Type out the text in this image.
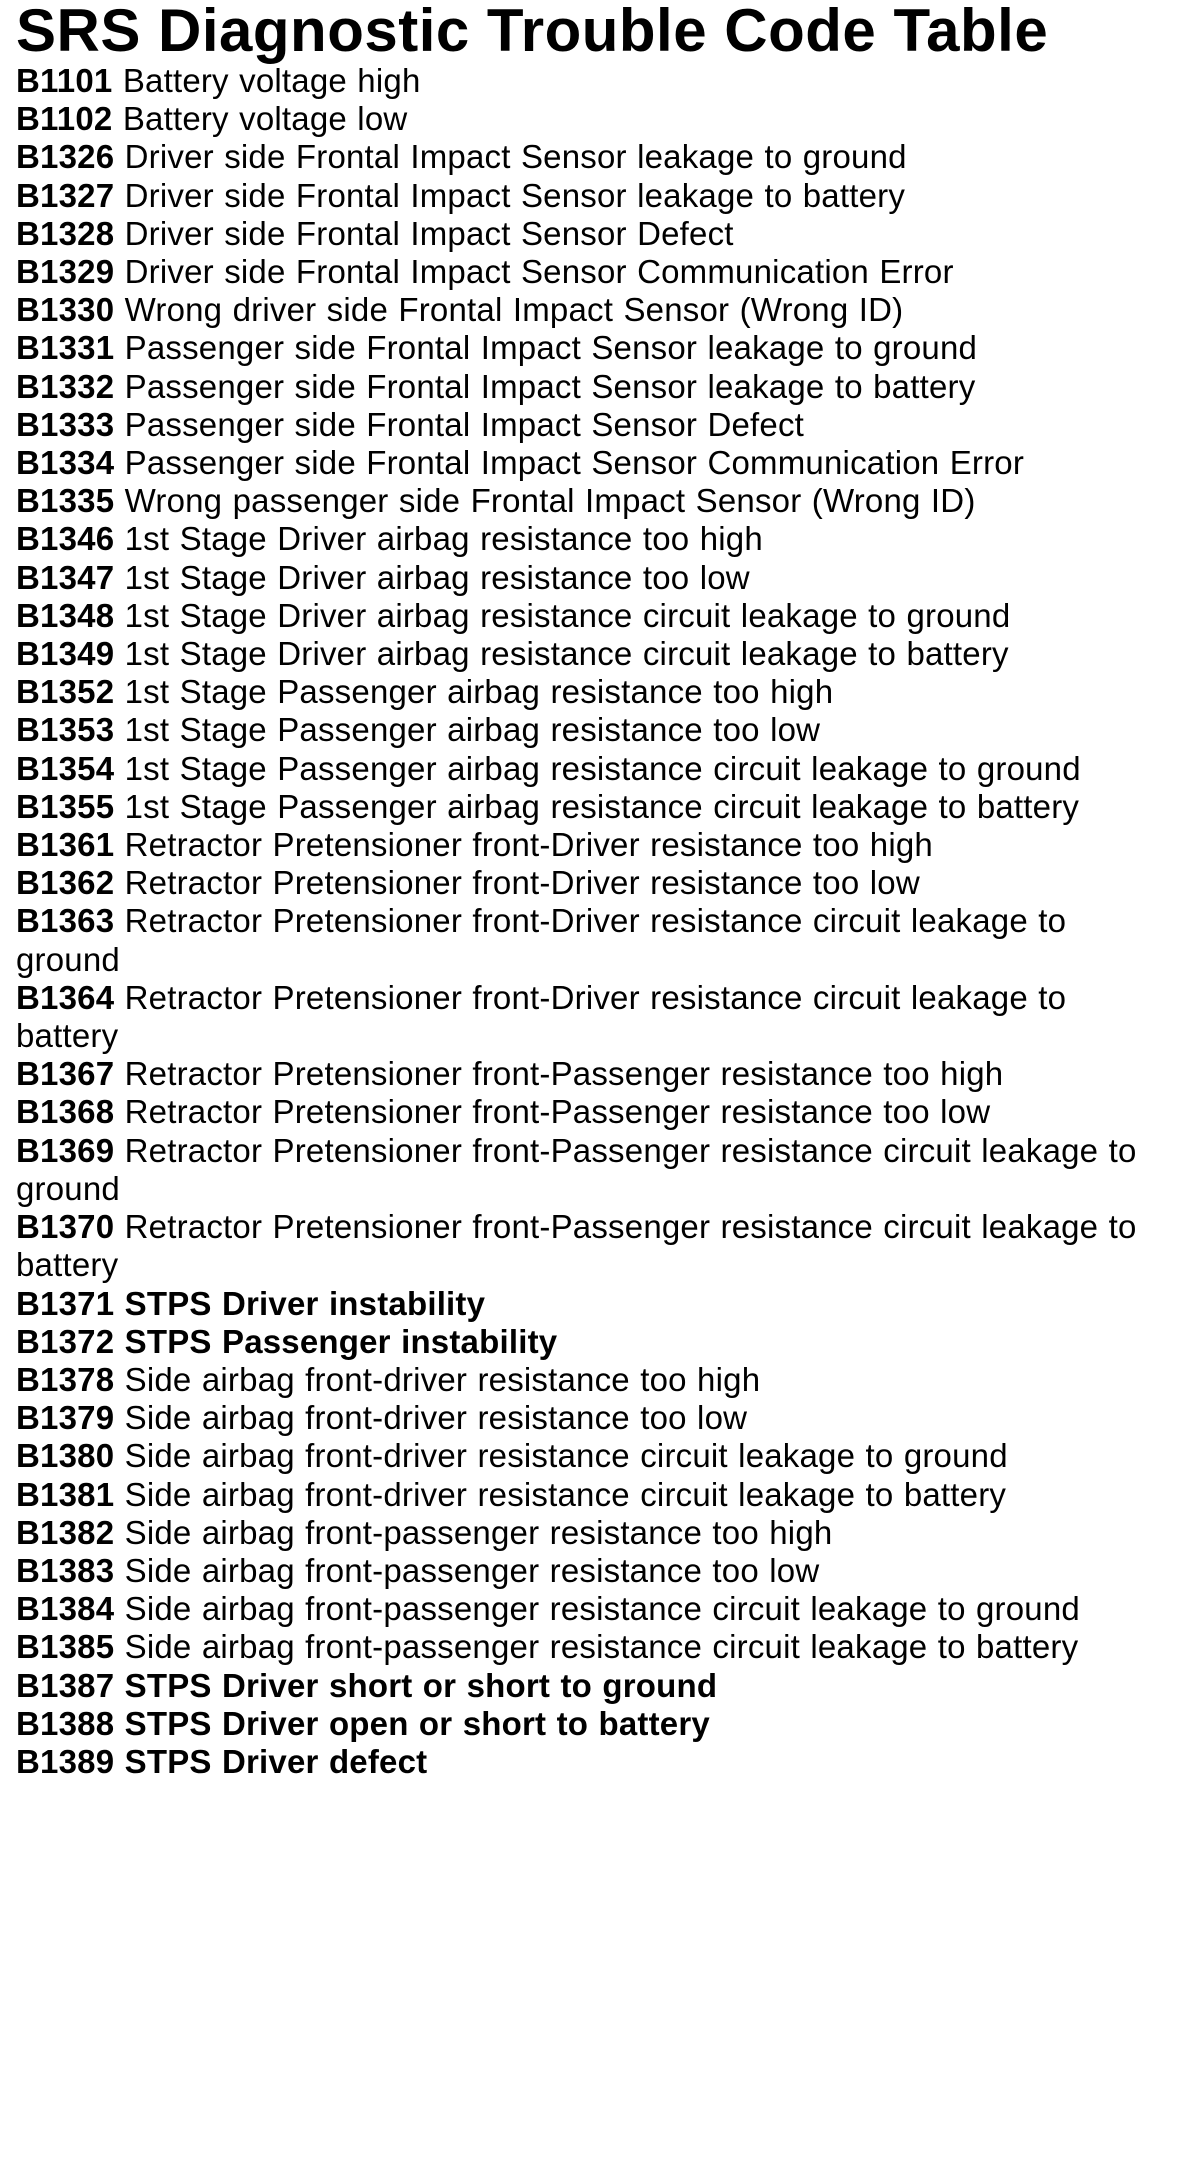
SRS Diagnostic Trouble Code Table
B1101 Battery voltage high
B1102 Battery voltage low
B1326 Driver side Frontal Impact Sensor leakage to ground
B1327 Driver side Frontal Impact Sensor leakage to battery
B1328 Driver side Frontal Impact Sensor Defect
B1329 Driver side Frontal Impact Sensor Communication Error
B1330 Wrong driver side Frontal Impact Sensor (Wrong ID)
B1331 Passenger side Frontal Impact Sensor leakage to ground
B1332 Passenger side Frontal Impact Sensor leakage to battery
B1333 Passenger side Frontal Impact Sensor Defect
B1334 Passenger side Frontal Impact Sensor Communication Error
B1335 Wrong passenger side Frontal Impact Sensor (Wrong ID)
B1346 1st Stage Driver airbag resistance too high
B1347 1st Stage Driver airbag resistance too low
B1348 1st Stage Driver airbag resistance circuit leakage to ground
B1349 1st Stage Driver airbag resistance circuit leakage to battery
B1352 1st Stage Passenger airbag resistance too high
B1353 1st Stage Passenger airbag resistance too low
B1354 1st Stage Passenger airbag resistance circuit leakage to ground
B1355 1st Stage Passenger airbag resistance circuit leakage to battery
B1361 Retractor Pretensioner front-Driver resistance too high
B1362 Retractor Pretensioner front-Driver resistance too low
B1363 Retractor Pretensioner front-Driver resistance circuit leakage to ground
B1364 Retractor Pretensioner front-Driver resistance circuit leakage to battery
B1367 Retractor Pretensioner front-Passenger resistance too high
B1368 Retractor Pretensioner front-Passenger resistance too low
B1369 Retractor Pretensioner front-Passenger resistance circuit leakage to ground
B1370 Retractor Pretensioner front-Passenger resistance circuit leakage to battery
B1371 STPS Driver instability
B1372 STPS Passenger instability
B1378 Side airbag front-driver resistance too high
B1379 Side airbag front-driver resistance too low
B1380 Side airbag front-driver resistance circuit leakage to ground
B1381 Side airbag front-driver resistance circuit leakage to battery
B1382 Side airbag front-passenger resistance too high
B1383 Side airbag front-passenger resistance too low
B1384 Side airbag front-passenger resistance circuit leakage to ground
B1385 Side airbag front-passenger resistance circuit leakage to battery
B1387 STPS Driver short or short to ground
B1388 STPS Driver open or short to battery
B1389 STPS Driver defect
